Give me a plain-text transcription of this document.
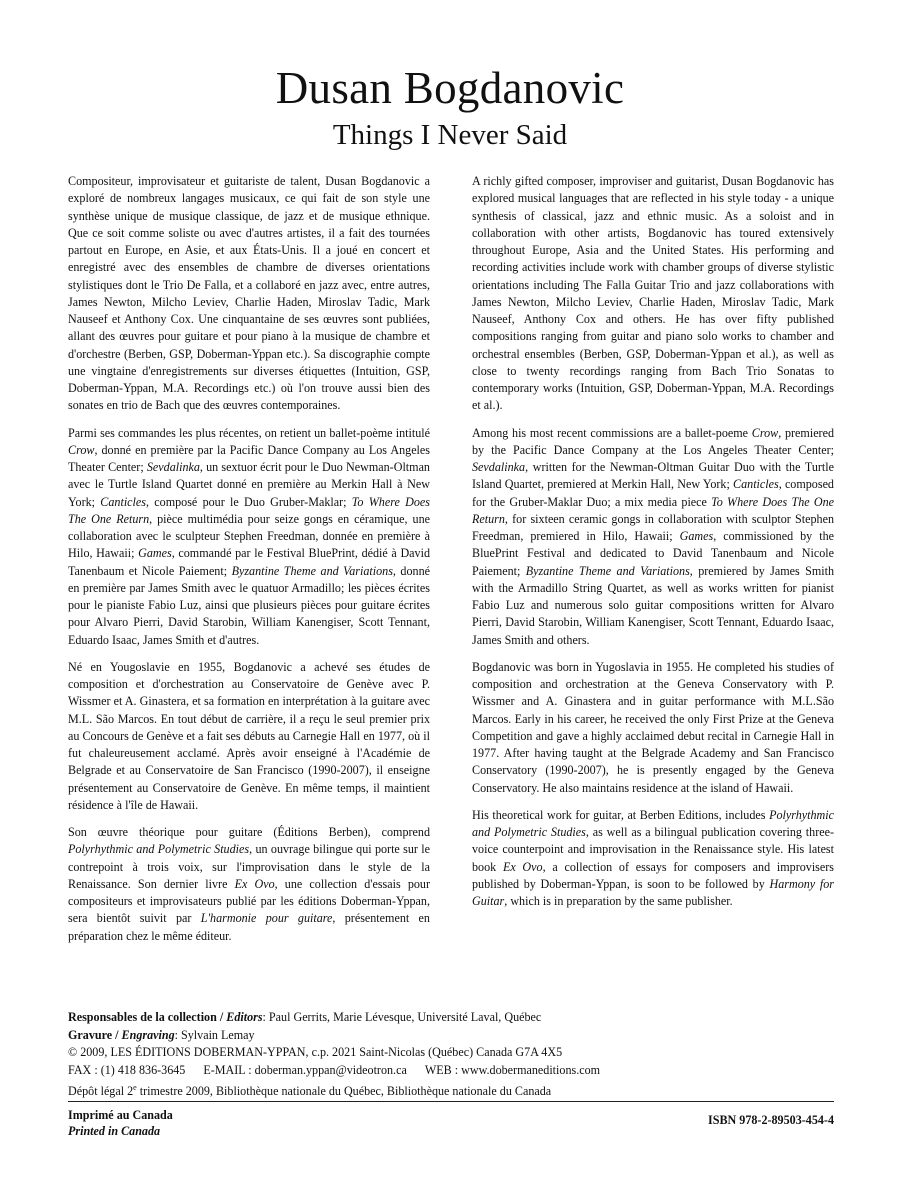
Dusan Bogdanovic
Things I Never Said

Compositeur, improvisateur et guitariste de talent, Dusan Bogdanovic a exploré de nombreux langages musicaux, ce qui fait de son style une synthèse unique de musique classique, de jazz et de musique ethnique. Que ce soit comme soliste ou avec d'autres artistes, il a fait des tournées partout en Europe, en Asie, et aux États-Unis. Il a joué en concert et enregistré avec des ensembles de chambre de diverses orientations stylistiques dont le Trio De Falla, et a collaboré en jazz avec, entre autres, James Newton, Milcho Leviev, Charlie Haden, Miroslav Tadic, Mark Nauseef et Anthony Cox. Une cinquantaine de ses œuvres sont publiées, allant des œuvres pour guitare et pour piano à la musique de chambre et d'orchestre (Berben, GSP, Doberman-Yppan etc.). Sa discographie compte une vingtaine d'enregistrements sur diverses étiquettes (Intuition, GSP, Doberman-Yppan, M.A. Recordings etc.) où l'on trouve aussi bien des sonates en trio de Bach que des œuvres contemporaines.

Parmi ses commandes les plus récentes, on retient un ballet-poème intitulé Crow, donné en première par la Pacific Dance Company au Los Angeles Theater Center; Sevdalinka, un sextuor écrit pour le Duo Newman-Oltman avec le Turtle Island Quartet donné en première au Merkin Hall à New York; Canticles, composé pour le Duo Gruber-Maklar; To Where Does The One Return, pièce multimédia pour seize gongs en céramique, une collaboration avec le sculpteur Stephen Freedman, donnée en première à Hilo, Hawaii; Games, commandé par le Festival BluePrint, dédié à David Tanenbaum et Nicole Paiement; Byzantine Theme and Variations, donné en première par James Smith avec le quatuor Armadillo; les pièces écrites pour le pianiste Fabio Luz, ainsi que plusieurs pièces pour guitare écrites pour Alvaro Pierri, David Starobin, William Kanengiser, Scott Tennant, Eduardo Isaac, James Smith et d'autres.

Né en Yougoslavie en 1955, Bogdanovic a achevé ses études de composition et d'orchestration au Conservatoire de Genève avec P. Wissmer et A. Ginastera, et sa formation en interprétation à la guitare avec M.L. São Marcos. En tout début de carrière, il a reçu le seul premier prix au Concours de Genève et a fait ses débuts au Carnegie Hall en 1977, où il fut chaleureusement acclamé. Après avoir enseigné à l'Académie de Belgrade et au Conservatoire de San Francisco (1990-2007), il enseigne présentement au Conservatoire de Genève. En même temps, il maintient résidence à l'île de Hawaii.

Son œuvre théorique pour guitare (Éditions Berben), comprend Polyrhythmic and Polymetric Studies, un ouvrage bilingue qui porte sur le contrepoint à trois voix, sur l'improvisation dans le style de la Renaissance. Son dernier livre Ex Ovo, une collection d'essais pour compositeurs et improvisateurs publié par les éditions Doberman-Yppan, sera bientôt suivit par L'harmonie pour guitare, présentement en préparation chez le même éditeur.

A richly gifted composer, improviser and guitarist, Dusan Bogdanovic has explored musical languages that are reflected in his style today - a unique synthesis of classical, jazz and ethnic music. As a soloist and in collaboration with other artists, Bogdanovic has toured extensively throughout Europe, Asia and the United States. His performing and recording activities include work with chamber groups of diverse stylistic orientations including The Falla Guitar Trio and jazz collaborations with James Newton, Milcho Leviev, Charlie Haden, Miroslav Tadic, Mark Nauseef, Anthony Cox and others. He has over fifty published compositions ranging from guitar and piano solo works to chamber and orchestral ensembles (Berben, GSP, Doberman-Yppan et al.), as well as close to twenty recordings ranging from Bach Trio Sonatas to contemporary works (Intuition, GSP, Doberman-Yppan, M.A. Recordings et al.).

Among his most recent commissions are a ballet-poeme Crow, premiered by the Pacific Dance Company at the Los Angeles Theater Center; Sevdalinka, written for the Newman-Oltman Guitar Duo with the Turtle Island Quartet, premiered at Merkin Hall, New York; Canticles, composed for the Gruber-Maklar Duo; a mix media piece To Where Does The One Return, for sixteen ceramic gongs in collaboration with sculptor Stephen Freedman, premiered in Hilo, Hawaii; Games, commissioned by the BluePrint Festival and dedicated to David Tanenbaum and Nicole Paiement; Byzantine Theme and Variations, premiered by James Smith with the Armadillo String Quartet, as well as works written for pianist Fabio Luz and numerous solo guitar compositions written for Alvaro Pierri, David Starobin, William Kanengiser, Scott Tennant, Eduardo Isaac, James Smith and others.

Bogdanovic was born in Yugoslavia in 1955. He completed his studies of composition and orchestration at the Geneva Conservatory with P. Wissmer and A. Ginastera and in guitar performance with M.L.São Marcos. Early in his career, he received the only First Prize at the Geneva Competition and gave a highly acclaimed debut recital in Carnegie Hall in 1977. After having taught at the Belgrade Academy and San Francisco Conservatory (1990-2007), he is presently engaged by the Geneva Conservatory. He also maintains residence at the island of Hawaii.

His theoretical work for guitar, at Berben Editions, includes Polyrhythmic and Polymetric Studies, as well as a bilingual publication covering three- voice counterpoint and improvisation in the Renaissance style. His latest book Ex Ovo, a collection of essays for composers and improvisers published by Doberman-Yppan, is soon to be followed by Harmony for Guitar, which is in preparation by the same publisher.

Responsables de la collection / Editors: Paul Gerrits, Marie Lévesque, Université Laval, Québec
Gravure / Engraving: Sylvain Lemay
© 2009, LES ÉDITIONS DOBERMAN-YPPAN, c.p. 2021 Saint-Nicolas (Québec) Canada G7A 4X5
FAX : (1) 418 836-3645 E-MAIL : doberman.yppan@videotron.ca WEB : www.dobermaneditions.com
Dépôt légal 2e trimestre 2009, Bibliothèque nationale du Québec, Bibliothèque nationale du Canada
Imprimé au Canada
Printed in Canada
ISBN 978-2-89503-454-4
